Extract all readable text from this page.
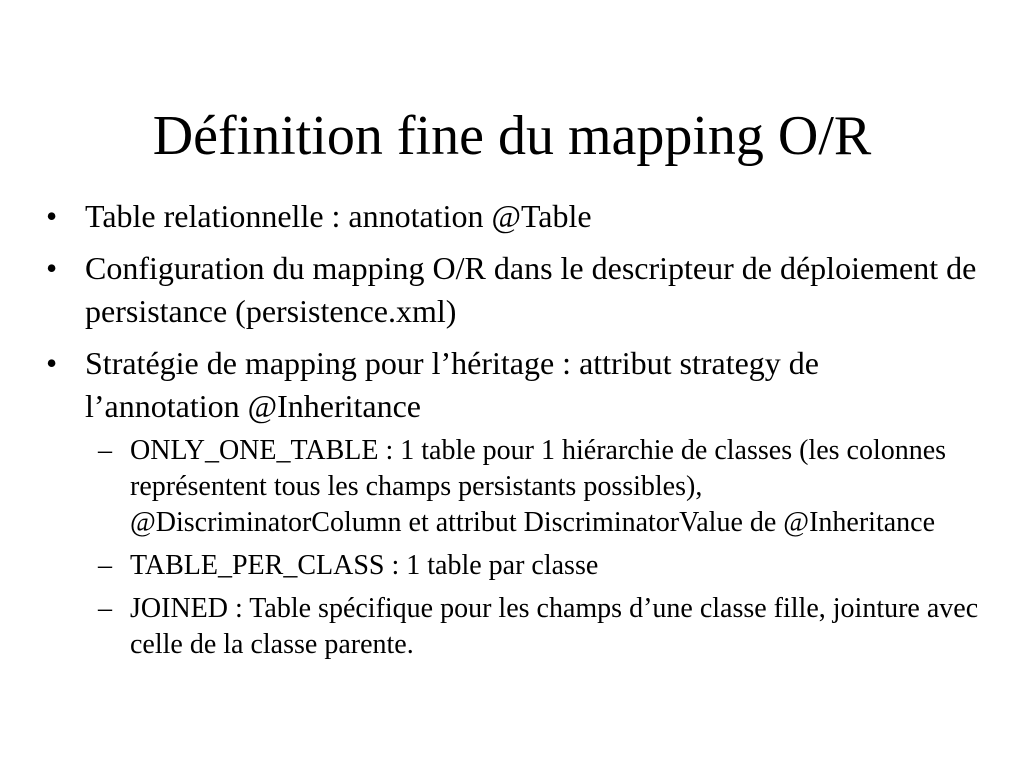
Définition fine du mapping O/R
• Table relationnelle : annotation @Table
• Configuration du mapping O/R dans le descripteur de déploiement de persistance (persistence.xml)
• Stratégie de mapping pour l’héritage : attribut strategy de l’annotation @Inheritance
– ONLY_ONE_TABLE : 1 table pour 1 hiérarchie de classes (les colonnes représentent tous les champs persistants possibles), @DiscriminatorColumn et attribut DiscriminatorValue de @Inheritance
– TABLE_PER_CLASS : 1 table par classe
– JOINED : Table spécifique pour les champs d’une classe fille, jointure avec celle de la classe parente.
